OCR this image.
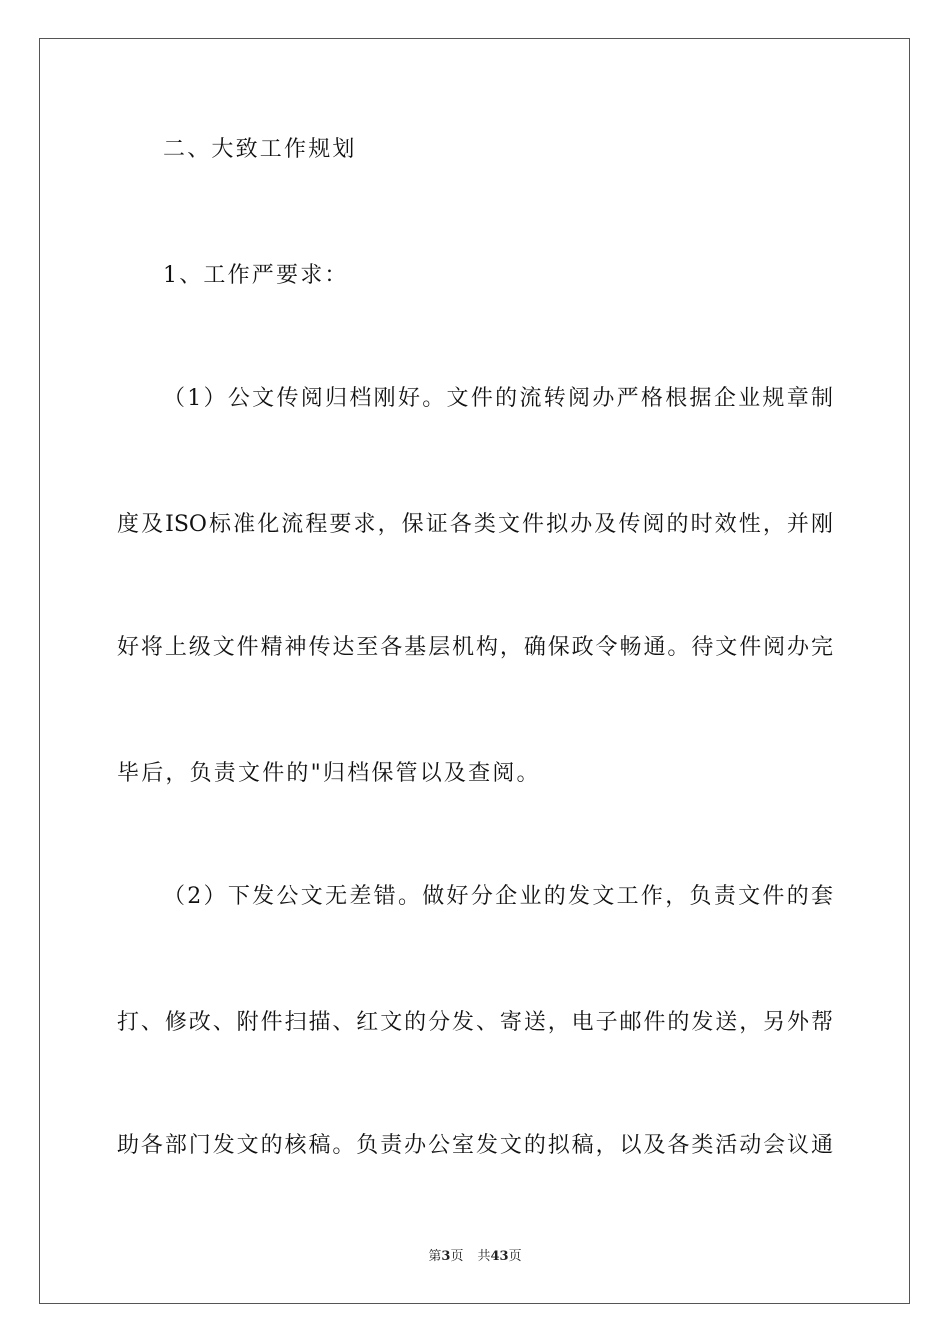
二、大致工作规划
1、工作严要求：
（1）公文传阅归档刚好。文件的流转阅办严格根据企业规章制
度及ISO标准化流程要求，保证各类文件拟办及传阅的时效性，并刚
好将上级文件精神传达至各基层机构，确保政令畅通。待文件阅办完
毕后，负责文件的"归档保管以及查阅。
（2）下发公文无差错。做好分企业的发文工作，负责文件的套
打、修改、附件扫描、红文的分发、寄送，电子邮件的发送，另外帮
助各部门发文的核稿。负责办公室发文的拟稿，以及各类活动会议通
第3页 共43页
